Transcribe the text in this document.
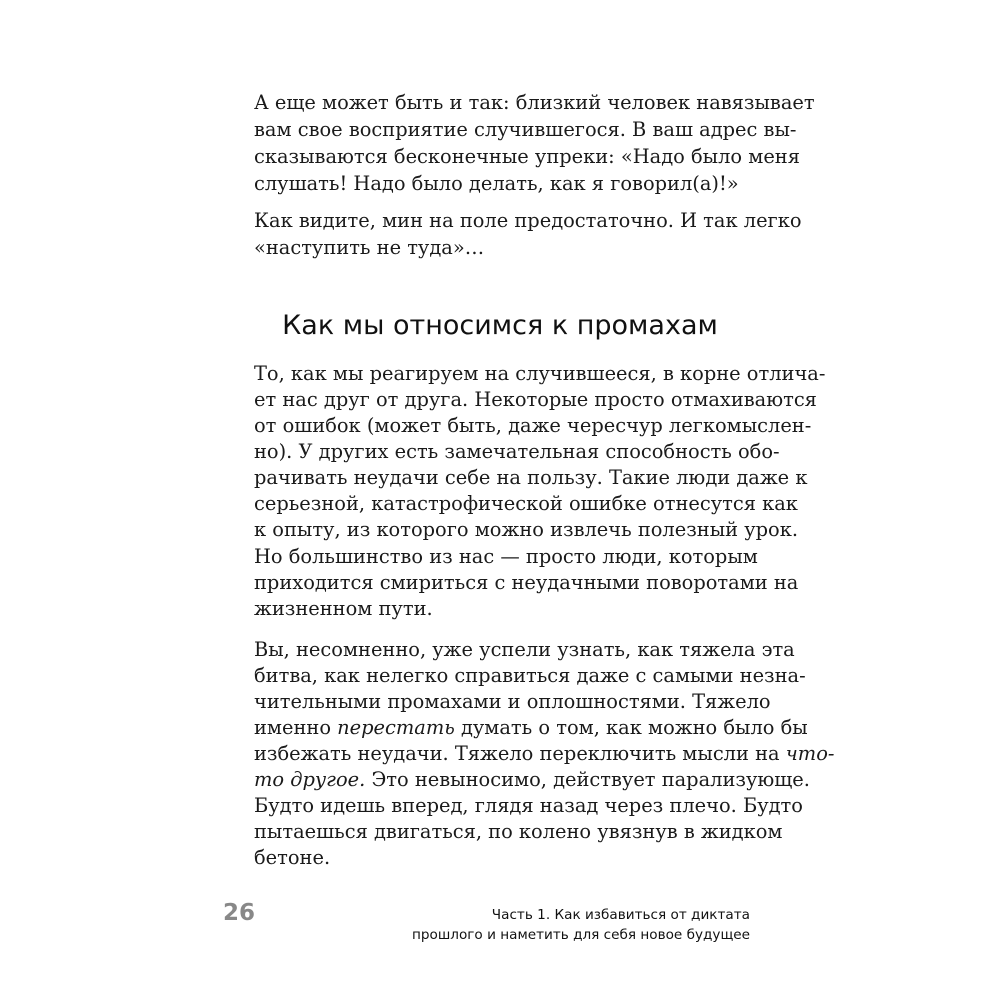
А еще может быть и так: близкий человек навязывает
вам свое восприятие случившегося. В ваш адрес вы-
сказываются бесконечные упреки: «Надо было меня
слушать! Надо было делать, как я говорил(а)!»
Как видите, мин на поле предостаточно. И так легко
«наступить не туда»…
Как мы относимся к промахам
То, как мы реагируем на случившееся, в корне отлича-
ет нас друг от друга. Некоторые просто отмахиваются
от ошибок (может быть, даже чересчур легкомыслен-
но). У других есть замечательная способность обо-
рачивать неудачи себе на пользу. Такие люди даже к
серьезной, катастрофической ошибке отнесутся как
к опыту, из которого можно извлечь полезный урок.
Но большинство из нас — просто люди, которым
приходится смириться с неудачными поворотами на
жизненном пути.
Вы, несомненно, уже успели узнать, как тяжела эта
битва, как нелегко справиться даже с самыми незна-
чительными промахами и оплошностями. Тяжело
именно перестать думать о том, как можно было бы
избежать неудачи. Тяжело переключить мысли на что-
то другое. Это невыносимо, действует парализующе.
Будто идешь вперед, глядя назад через плечо. Будто
пытаешься двигаться, по колено увязнув в жидком
бетоне.
26	Часть 1. Как избавиться от диктата
прошлого и наметить для себя новое будущее
